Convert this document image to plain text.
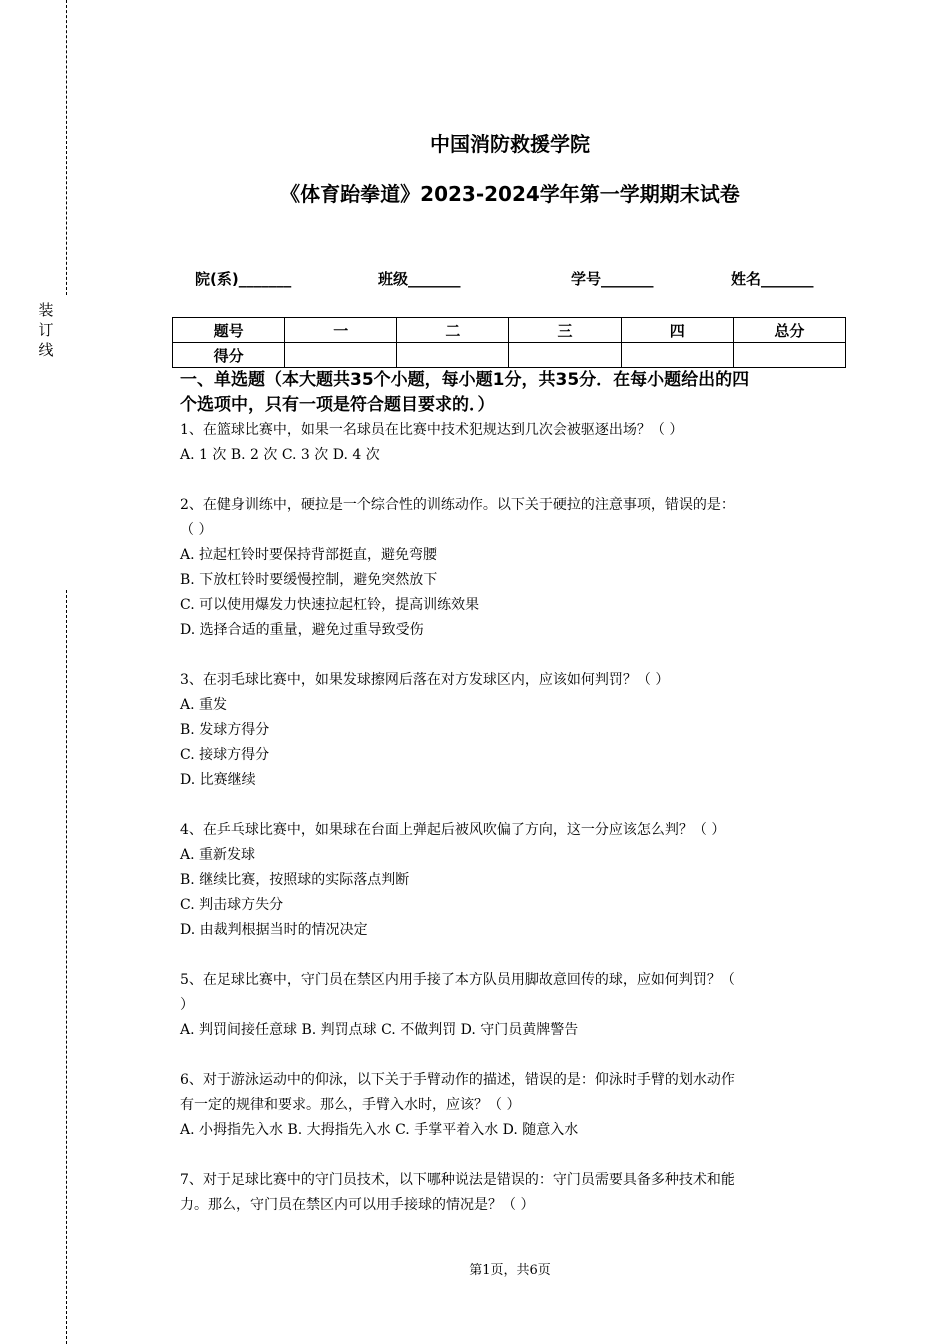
装
订
线
中国消防救援学院
《体育跆拳道》2023-2024学年第一学期期末试卷
院(系)_______	班级_______	学号_______	姓名_______
题号	一	二	三	四	总分
得分					

一、单选题（本大题共35个小题，每小题1分，共35分．在每小题给出的四

个选项中，只有一项是符合题目要求的．）

1、在篮球比赛中，如果一名球员在比赛中技术犯规达到几次会被驱逐出场？（ ）

A. 1 次 B. 2 次 C. 3 次 D. 4 次

2、在健身训练中，硬拉是一个综合性的训练动作。以下关于硬拉的注意事项，错误的是：

（ ）

A. 拉起杠铃时要保持背部挺直，避免弯腰

B. 下放杠铃时要缓慢控制，避免突然放下

C. 可以使用爆发力快速拉起杠铃，提高训练效果

D. 选择合适的重量，避免过重导致受伤

3、在羽毛球比赛中，如果发球擦网后落在对方发球区内，应该如何判罚？（ ）

A. 重发

B. 发球方得分

C. 接球方得分

D. 比赛继续

4、在乒乓球比赛中，如果球在台面上弹起后被风吹偏了方向，这一分应该怎么判？（ ）

A. 重新发球

B. 继续比赛，按照球的实际落点判断

C. 判击球方失分

D. 由裁判根据当时的情况决定

5、在足球比赛中，守门员在禁区内用手接了本方队员用脚故意回传的球，应如何判罚？（

）

A. 判罚间接任意球 B. 判罚点球 C. 不做判罚 D. 守门员黄牌警告

6、对于游泳运动中的仰泳，以下关于手臂动作的描述，错误的是：仰泳时手臂的划水动作

有一定的规律和要求。那么，手臂入水时，应该？（ ）

A. 小拇指先入水 B. 大拇指先入水 C. 手掌平着入水 D. 随意入水

7、对于足球比赛中的守门员技术，以下哪种说法是错误的：守门员需要具备多种技术和能

力。那么，守门员在禁区内可以用手接球的情况是？（ ）

第1页，共6页
